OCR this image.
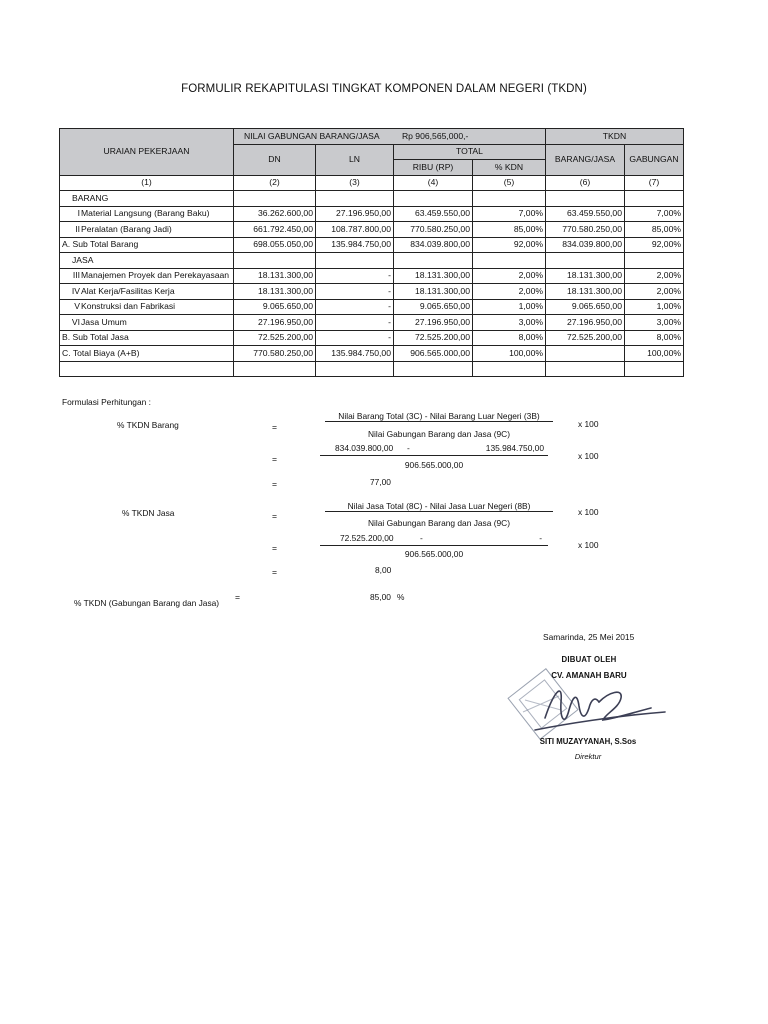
FORMULIR REKAPITULASI TINGKAT KOMPONEN DALAM NEGERI (TKDN)
URAIAN PEKERJAAN	NILAI GABUNGAN BARANG/JASA Rp 906,565,000,-				TKDN	
	DN	LN	TOTAL		BARANG/JASA	GABUNGAN
			RIBU (RP)	% KDN		
(1)	(2)	(3)	(4)	(5)	(6)	(7)
BARANG						
IMaterial Langsung (Barang Baku)	36.262.600,00	27.196.950,00	63.459.550,00	7,00%	63.459.550,00	7,00%
IIPeralatan (Barang Jadi)	661.792.450,00	108.787.800,00	770.580.250,00	85,00%	770.580.250,00	85,00%
A. Sub Total Barang	698.055.050,00	135.984.750,00	834.039.800,00	92,00%	834.039.800,00	92,00%
JASA						
IIIManajemen Proyek dan Perekayasaan	18.131.300,00	-	18.131.300,00	2,00%	18.131.300,00	2,00%
IVAlat Kerja/Fasilitas Kerja	18.131.300,00	-	18.131.300,00	2,00%	18.131.300,00	2,00%
VKonstruksi dan Fabrikasi	9.065.650,00	-	9.065.650,00	1,00%	9.065.650,00	1,00%
VIJasa Umum	27.196.950,00	-	27.196.950,00	3,00%	27.196.950,00	3,00%
B. Sub Total Jasa	72.525.200,00	-	72.525.200,00	8,00%	72.525.200,00	8,00%
C. Total Biaya (A+B)	770.580.250,00	135.984.750,00	906.565.000,00	100,00%		100,00%

Formulasi Perhitungan :
% TKDN Barang	=
Nilai Barang Total (3C) - Nilai Barang Luar Negeri (3B)
Nilai Gabungan Barang dan Jasa (9C)
x 100
=
834.039.800,00 -	135.984.750,00
906.565.000,00
x 100
=	77,00
% TKDN Jasa	=
Nilai Jasa Total (8C) - Nilai Jasa Luar Negeri (8B)
Nilai Gabungan Barang dan Jasa (9C)
x 100
=
72.525.200,00	-	-
906.565.000,00
x 100
=	8,00
% TKDN (Gabungan Barang dan Jasa)
=	85,00 %
Samarinda, 25 Mei 2015
DIBUAT OLEH
CV. AMANAH BARU
SITI MUZAYYANAH, S.Sos
Direktur
